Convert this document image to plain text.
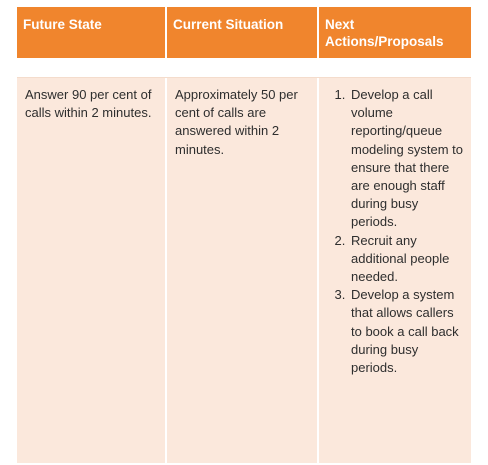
Future State	Current Situation	Next Actions/Proposals
Answer 90 per cent of calls within 2 minutes.
Approximately 50 per cent of calls are answered within 2 minutes.
1. Develop a call volume reporting/queue modeling system to ensure that there are enough staff during busy periods.
2. Recruit any additional people needed.
3. Develop a system that allows callers to book a call back during busy periods.
